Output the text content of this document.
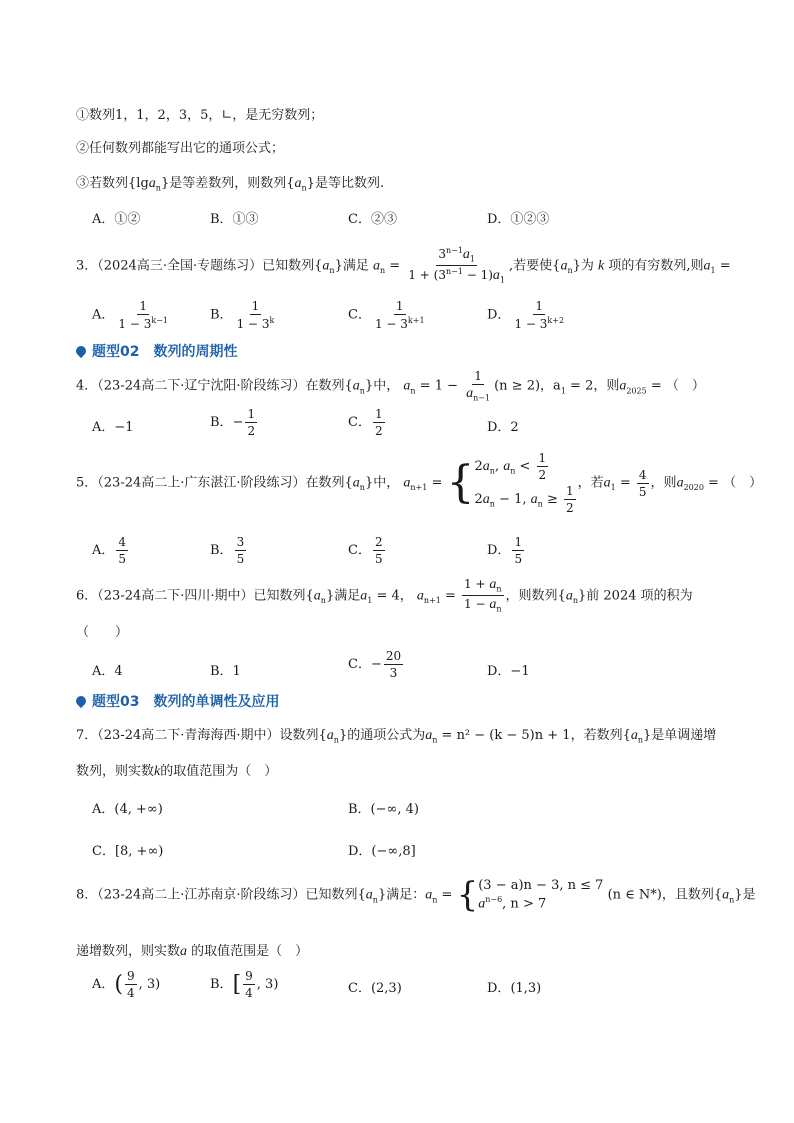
①数列1，1，2，3，5，∟，是无穷数列；
②任何数列都能写出它的通项公式；
③若数列{lga$_n$}是等差数列，则数列$\{a_n\}$是等比数列.
A．①②	B．①③	C．②③	D．①②③
3．（2024高三·全国·专题练习）已知数列$\{a_n\}$满足 $a_n = \frac{3^{n-1}a_1}{1 + (3^{n-1} - 1)a_1}$ ,若要使$\{a_n\}$为 k 项的有穷数列,则$a_1$ =
A． $\frac{1}{1 - 3^{k-1}}$	B． $\frac{1}{1 - 3^k}$	C． $\frac{1}{1 - 3^{k+1}}$	D． $\frac{1}{1 - 3^{k+2}}$
题型02　数列的周期性
4．（23-24高二下·辽宁沈阳·阶段练习）在数列$\{a_n\}$中， $a_n = 1 - \frac{1}{a_{n-1}} (n \ge 2)$，$a_1 = 2$，则$a_{2025}$ = （　）
A．−1	B．− $\frac{1}{2}$	C． $\frac{1}{2}$	D．2
5．（23-24高二上·广东湛江·阶段练习）在数列$\{a_n\}$中， $a_{n+1}$ = { $2a_n$, $a_n < \frac{1}{2}$
$2a_n - 1$, $a_n \ge \frac{1}{2}$
，若$a_1 = \frac{4}{5}$ ，则$a_{2020}$ = （　）
A． $\frac{4}{5}$	B． $\frac{3}{5}$	C． $\frac{2}{5}$	D． $\frac{1}{5}$
6．（23-24高二下·四川·期中）已知数列$\{a_n\}$满足$a_1 = 4$， $a_{n+1} = \frac{1 + a_n}{1 - a_n}$ ，则数列$\{a_n\}$前 2024 项的积为
（　　）
A．4	B．1	C．− $\frac{20}{3}$	D．−1
题型03　数列的单调性及应用
7．（23-24高二下·青海海西·期中）设数列$\{a_n\}$的通项公式为$a_n = n^2 - (k - 5)n + 1$，若数列$\{a_n\}$是单调递增
数列，则实数k的取值范围为（　）
A．(4, +∞)	B．(−∞, 4)
C．[8, +∞)	D．(−∞,8]
8．（23-24高二上·江苏南京·阶段练习）已知数列$\{a_n\}$满足：$a_n$ = { (3 − a)n − 3, n ≤ 7
$a^{n-6}$, n > 7
(n ∈ N*)，且数列$\{a_n\}$是
递增数列，则实数a 的取值范围是（　）
A．( $\frac{9}{4}$ , 3)	B．[ $\frac{9}{4}$ , 3)	C．(2,3)	D．(1,3)
